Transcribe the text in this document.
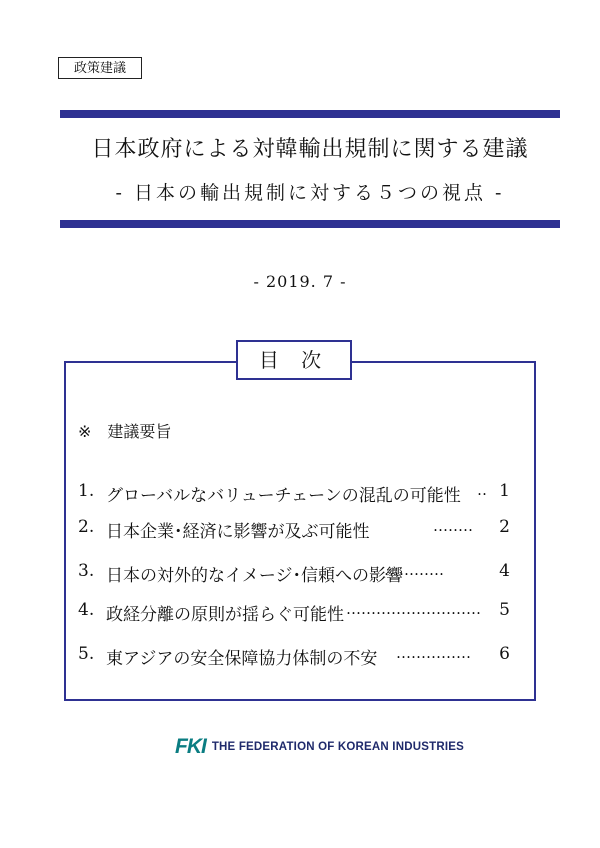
政策建議
日本政府による対韓輸出規制に関する建議
- 日本の輸出規制に対する５つの視点 -
- 2019. 7 -
目 次
※ 建議要旨
1. グローバルなバリューチェーンの混乱の可能性 ‥ 1
2. 日本企業･経済に影響が及ぶ可能性	……‥ 2
3. 日本の対外的なイメージ･信頼への影響
…………	4
4. 政経分離の原則が揺らぐ可能性 ……………………… 5
5. 東アジアの安全保障協力体制の不安 …………… 6
FKI THE FEDERATION OF KOREAN INDUSTRIES
